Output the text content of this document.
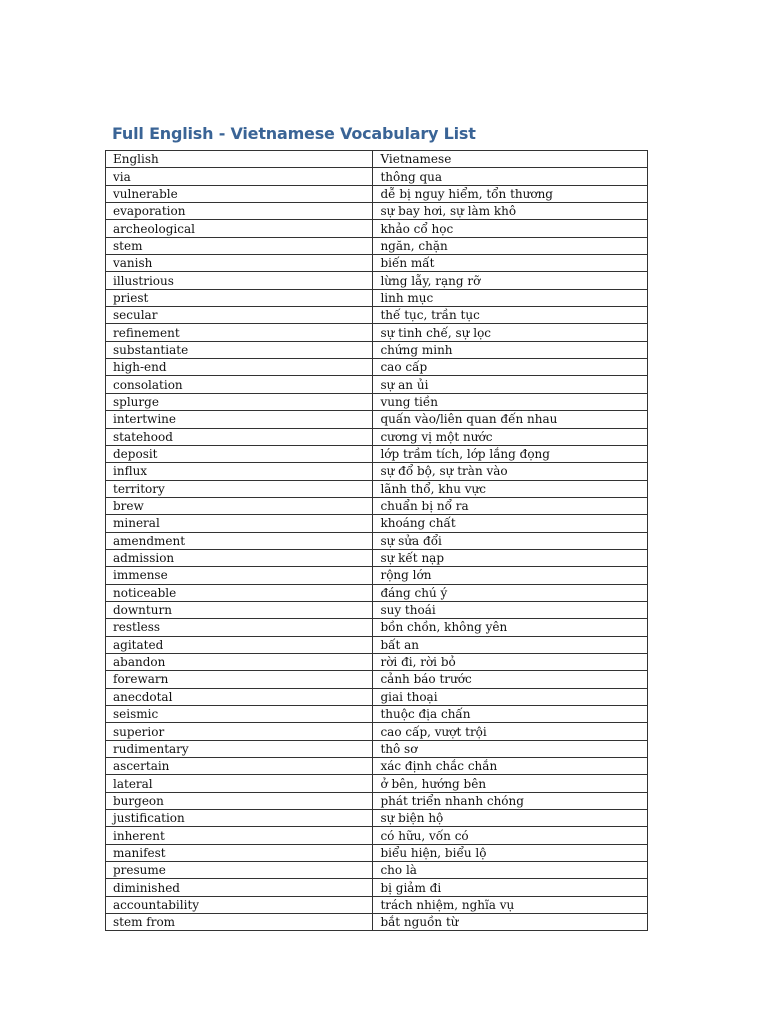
Full English - Vietnamese Vocabulary List
English	Vietnamese
via	thông qua
vulnerable	dễ bị nguy hiểm, tổn thương
evaporation	sự bay hơi, sự làm khô
archeological	khảo cổ học
stem	ngăn, chặn
vanish	biến mất
illustrious	lừng lẫy, rạng rỡ
priest	linh mục
secular	thế tục, trần tục
refinement	sự tinh chế, sự lọc
substantiate	chứng minh
high-end	cao cấp
consolation	sự an ủi
splurge	vung tiền
intertwine	quấn vào/liên quan đến nhau
statehood	cương vị một nước
deposit	lớp trầm tích, lớp lắng đọng
influx	sự đổ bộ, sự tràn vào
territory	lãnh thổ, khu vực
brew	chuẩn bị nổ ra
mineral	khoáng chất
amendment	sự sửa đổi
admission	sự kết nạp
immense	rộng lớn
noticeable	đáng chú ý
downturn	suy thoái
restless	bồn chồn, không yên
agitated	bất an
abandon	rời đi, rời bỏ
forewarn	cảnh báo trước
anecdotal	giai thoại
seismic	thuộc địa chấn
superior	cao cấp, vượt trội
rudimentary	thô sơ
ascertain	xác định chắc chắn
lateral	ở bên, hướng bên
burgeon	phát triển nhanh chóng
justification	sự biện hộ
inherent	có hữu, vốn có
manifest	biểu hiện, biểu lộ
presume	cho là
diminished	bị giảm đi
accountability	trách nhiệm, nghĩa vụ
stem from	bắt nguồn từ
